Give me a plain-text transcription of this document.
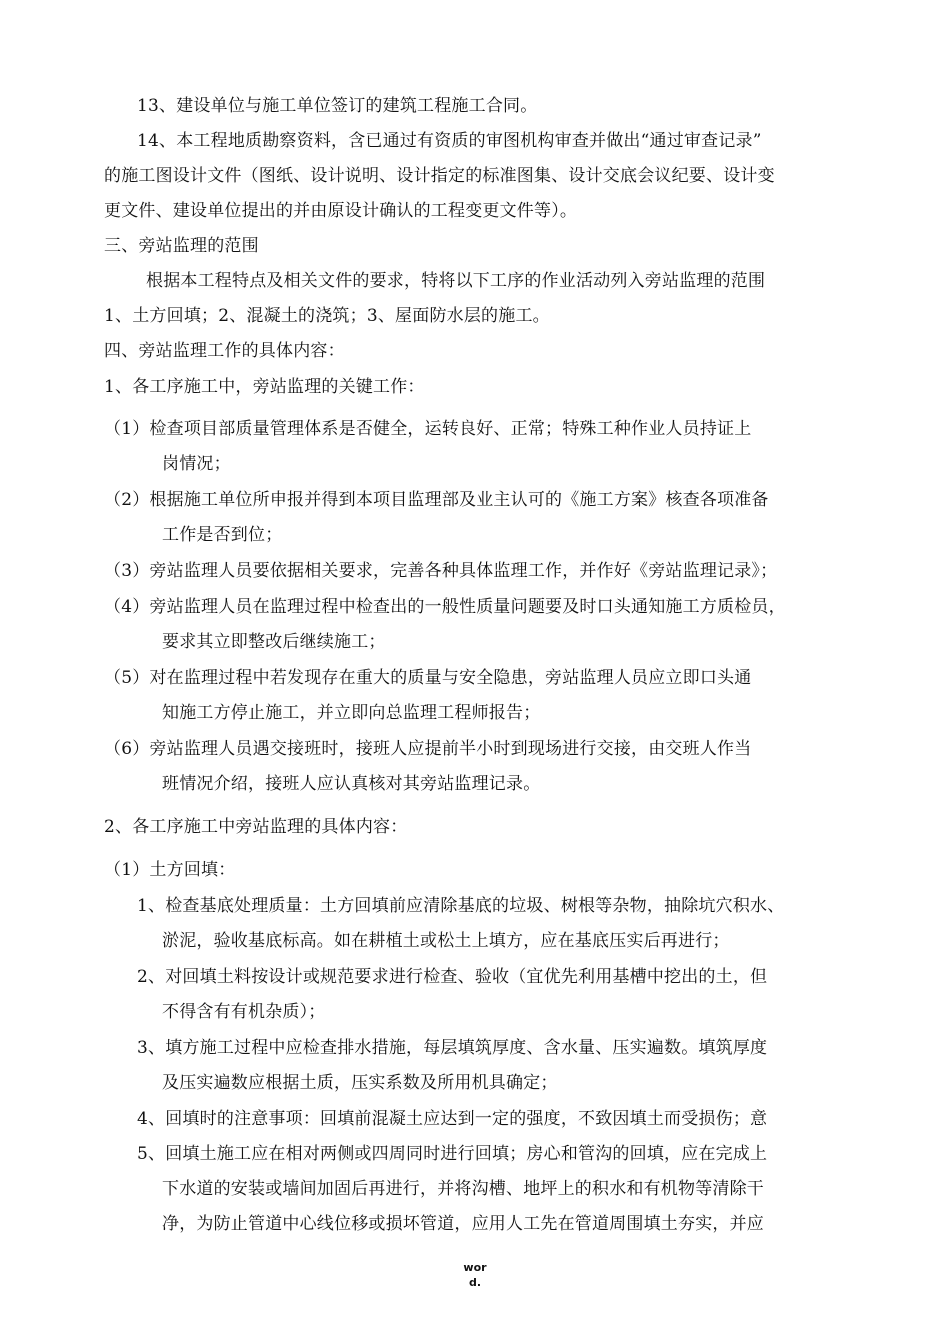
13、建设单位与施工单位签订的建筑工程施工合同。
14、本工程地质勘察资料，含已通过有资质的审图机构审查并做出“通过审查记录”
的施工图设计文件（图纸、设计说明、设计指定的标准图集、设计交底会议纪要、设计变
更文件、建设单位提出的并由原设计确认的工程变更文件等）。
三、旁站监理的范围
根据本工程特点及相关文件的要求，特将以下工序的作业活动列入旁站监理的范围
1、土方回填；2、混凝土的浇筑；3、屋面防水层的施工。
四、旁站监理工作的具体内容：
1、各工序施工中，旁站监理的关键工作：
（1）检查项目部质量管理体系是否健全，运转良好、正常；特殊工种作业人员持证上
岗情况；
（2）根据施工单位所申报并得到本项目监理部及业主认可的《施工方案》核查各项准备
工作是否到位；
（3）旁站监理人员要依据相关要求，完善各种具体监理工作，并作好《旁站监理记录》；
（4）旁站监理人员在监理过程中检查出的一般性质量问题要及时口头通知施工方质检员，
要求其立即整改后继续施工；
（5）对在监理过程中若发现存在重大的质量与安全隐患，旁站监理人员应立即口头通
知施工方停止施工，并立即向总监理工程师报告；
（6）旁站监理人员遇交接班时，接班人应提前半小时到现场进行交接，由交班人作当
班情况介绍，接班人应认真核对其旁站监理记录。
2、各工序施工中旁站监理的具体内容：
（1）土方回填：
1、检查基底处理质量：土方回填前应清除基底的垃圾、树根等杂物，抽除坑穴积水、
淤泥，验收基底标高。如在耕植土或松土上填方，应在基底压实后再进行；
2、对回填土料按设计或规范要求进行检查、验收（宜优先利用基槽中挖出的土，但
不得含有有机杂质）；
3、填方施工过程中应检查排水措施，每层填筑厚度、含水量、压实遍数。填筑厚度
及压实遍数应根据土质，压实系数及所用机具确定；
4、回填时的注意事项：回填前混凝土应达到一定的强度，不致因填土而受损伤；意
5、回填土施工应在相对两侧或四周同时进行回填；房心和管沟的回填，应在完成上
下水道的安装或墙间加固后再进行，并将沟槽、地坪上的积水和有机物等清除干
净，为防止管道中心线位移或损坏管道，应用人工先在管道周围填土夯实，并应
wor
d.
